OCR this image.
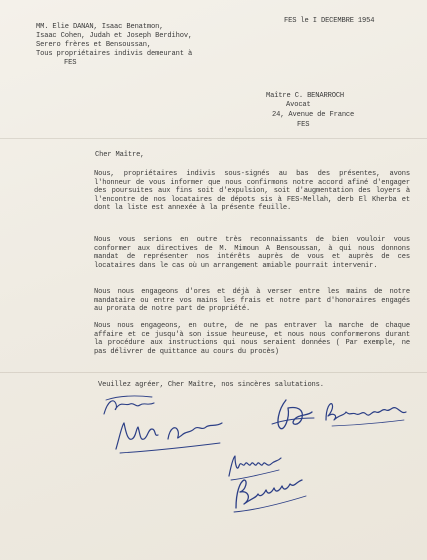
MM. Elie DANAN, Isaac Benatmon,
Isaac Cohen, Judah et Joseph Berdihov,
Serero frères et Bensoussan,
Tous propriétaires indivis demeurant à
FES
FES le I DECEMBRE 1954
Maître C. BENARROCH
Avocat
24, Avenue de France
FES
Cher Maître,
Nous, propriétaires indivis sous-signés au bas des présentes, avons l'honneur de vous informer que nous confirmons notre accord afiné d'engager des poursuites aux fins soit d'expulsion, soit d'augmentation des loyers à l'encontre de nos locataires de dépots sis à FES-Mellah, derb El Kherba et dont la liste est annexée à la présente feuille.
Nous vous serions en outre très reconnaissants de bien vouloir vous conformer aux directives de M. Mimoun A Bensoussan, à qui nous donnons mandat de représenter nos intérêts auprès de vous et auprès de ces locataires dans le cas où un arrangement amiable pourrait intervenir.
Nous nous engageons d'ores et déjà à verser entre les mains de notre mandataire ou entre vos mains les frais et notre part d'honoraires engagés au prorata de notre part de propriété.
Nous nous engageons, en outre, de ne pas entraver la marche de chaque affaire et ce jusqu'à son issue heureuse, et nous nous conformerons durant la procédure aux instructions qui nous seraient données ( Par exemple, ne pas délivrer de quittance au cours du procès)
Veuillez agréer, Cher Maître, nos sincères salutations.
